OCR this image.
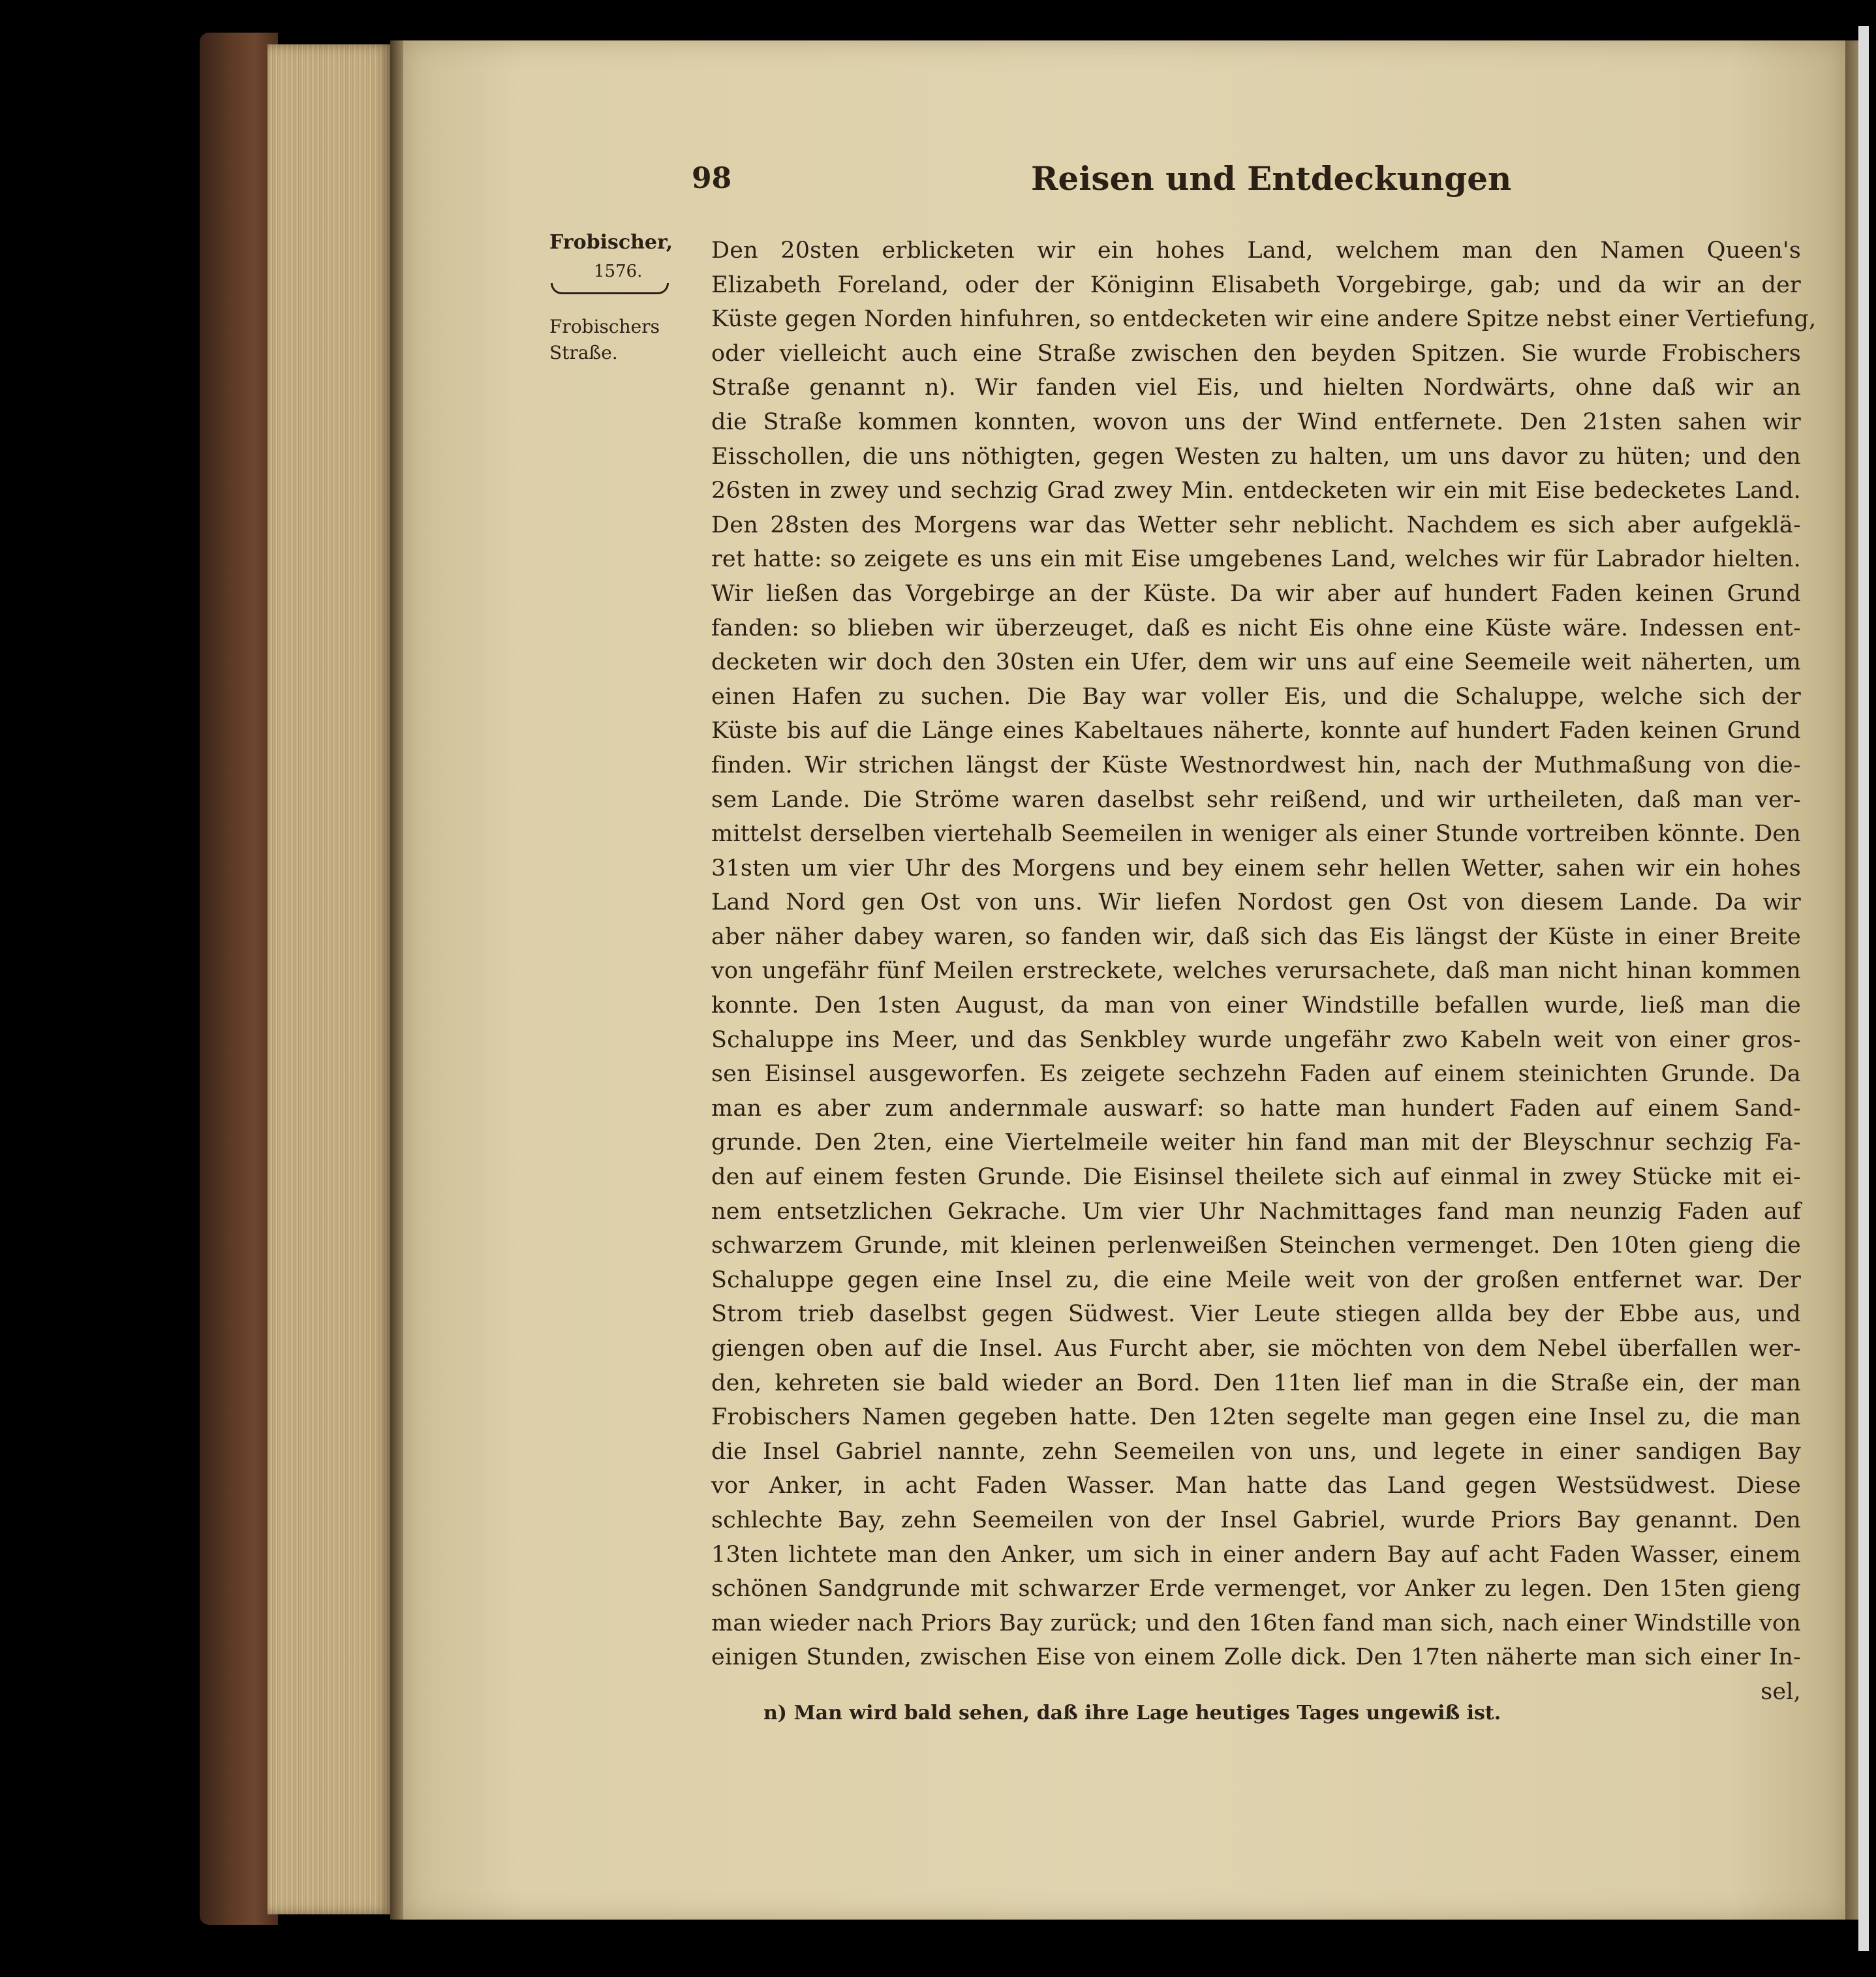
98	Reisen und Entdeckungen
Frobischer,
1576.
Frobischers
Straße.
Den 20sten erblicketen wir ein hohes Land, welchem man den Namen Queen's
Elizabeth Foreland, oder der Königinn Elisabeth Vorgebirge, gab; und da wir an der
Küste gegen Norden hinfuhren, so entdecketen wir eine andere Spitze nebst einer Vertiefung,
oder vielleicht auch eine Straße zwischen den beyden Spitzen. Sie wurde Frobischers
Straße genannt n). Wir fanden viel Eis, und hielten Nordwärts, ohne daß wir an
die Straße kommen konnten, wovon uns der Wind entfernete. Den 21sten sahen wir
Eisschollen, die uns nöthigten, gegen Westen zu halten, um uns davor zu hüten; und den
26sten in zwey und sechzig Grad zwey Min. entdecketen wir ein mit Eise bedecketes Land.
Den 28sten des Morgens war das Wetter sehr neblicht. Nachdem es sich aber aufgeklä-
ret hatte: so zeigete es uns ein mit Eise umgebenes Land, welches wir für Labrador hielten.
Wir ließen das Vorgebirge an der Küste. Da wir aber auf hundert Faden keinen Grund
fanden: so blieben wir überzeuget, daß es nicht Eis ohne eine Küste wäre. Indessen ent-
decketen wir doch den 30sten ein Ufer, dem wir uns auf eine Seemeile weit näherten, um
einen Hafen zu suchen. Die Bay war voller Eis, und die Schaluppe, welche sich der
Küste bis auf die Länge eines Kabeltaues näherte, konnte auf hundert Faden keinen Grund
finden. Wir strichen längst der Küste Westnordwest hin, nach der Muthmaßung von die-
sem Lande. Die Ströme waren daselbst sehr reißend, und wir urtheileten, daß man ver-
mittelst derselben viertehalb Seemeilen in weniger als einer Stunde vortreiben könnte. Den
31sten um vier Uhr des Morgens und bey einem sehr hellen Wetter, sahen wir ein hohes
Land Nord gen Ost von uns. Wir liefen Nordost gen Ost von diesem Lande. Da wir
aber näher dabey waren, so fanden wir, daß sich das Eis längst der Küste in einer Breite
von ungefähr fünf Meilen erstreckete, welches verursachete, daß man nicht hinan kommen
konnte. Den 1sten August, da man von einer Windstille befallen wurde, ließ man die
Schaluppe ins Meer, und das Senkbley wurde ungefähr zwo Kabeln weit von einer gros-
sen Eisinsel ausgeworfen. Es zeigete sechzehn Faden auf einem steinichten Grunde. Da
man es aber zum andernmale auswarf: so hatte man hundert Faden auf einem Sand-
grunde. Den 2ten, eine Viertelmeile weiter hin fand man mit der Bleyschnur sechzig Fa-
den auf einem festen Grunde. Die Eisinsel theilete sich auf einmal in zwey Stücke mit ei-
nem entsetzlichen Gekrache. Um vier Uhr Nachmittages fand man neunzig Faden auf
schwarzem Grunde, mit kleinen perlenweißen Steinchen vermenget. Den 10ten gieng die
Schaluppe gegen eine Insel zu, die eine Meile weit von der großen entfernet war. Der
Strom trieb daselbst gegen Südwest. Vier Leute stiegen allda bey der Ebbe aus, und
giengen oben auf die Insel. Aus Furcht aber, sie möchten von dem Nebel überfallen wer-
den, kehreten sie bald wieder an Bord. Den 11ten lief man in die Straße ein, der man
Frobischers Namen gegeben hatte. Den 12ten segelte man gegen eine Insel zu, die man
die Insel Gabriel nannte, zehn Seemeilen von uns, und legete in einer sandigen Bay
vor Anker, in acht Faden Wasser. Man hatte das Land gegen Westsüdwest. Diese
schlechte Bay, zehn Seemeilen von der Insel Gabriel, wurde Priors Bay genannt. Den
13ten lichtete man den Anker, um sich in einer andern Bay auf acht Faden Wasser, einem
schönen Sandgrunde mit schwarzer Erde vermenget, vor Anker zu legen. Den 15ten gieng
man wieder nach Priors Bay zurück; und den 16ten fand man sich, nach einer Windstille von
einigen Stunden, zwischen Eise von einem Zolle dick. Den 17ten näherte man sich einer In-
sel,
n) Man wird bald sehen, daß ihre Lage heutiges Tages ungewiß ist.
